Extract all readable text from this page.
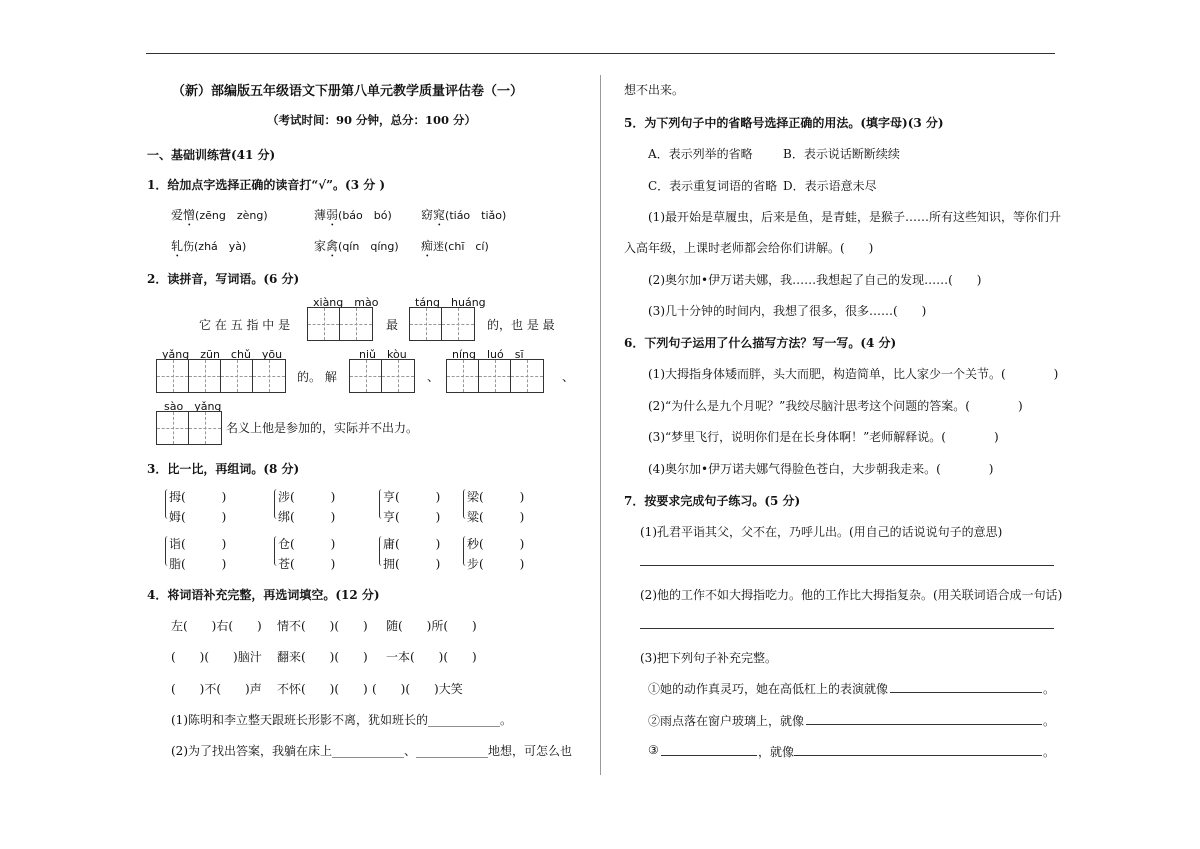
（新）部编版五年级语文下册第八单元教学质量评估卷（一）
（考试时间：90 分钟，总分：100 分）
一、基础训练营(41 分)
1．给加点字选择正确的读音打“√”。(3 分 )
爱憎(zēng　zèng)	薄弱(báo　bó) 窈窕(tiáo　tiǎo)
轧伤(zhá　yà)	家禽(qín　qíng) 痴迷(chī　cí)
2．读拼音，写词语。(6 分)
xiàng　mào	táng　huáng
它 在 五 指 中 是	最	的，也 是 最
yǎng　zūn　chǔ　yōu	niǔ　kòu	níng　luó　sī
的。 解	、	、
sào　yǎng
名义上他是参加的，实际并不出力。
3．比一比，再组词。(8 分)
拇(　　　)
姆(　　　)
涉(　　　)
绑(　　　)
亨(　　　)
亨(　　　)
梁(　　　)
粱(　　　)
诣(　　　)
脂(　　　)
仓(　　　)
苍(　　　)
庸(　　　)
拥(　　　)
秒(　　　)
步(　　　)
4．将词语补充完整，再选词填空。(12 分)
左(　　)右(　　) 情不(　　)(　　) 随(　　)所(　　)
(　　)(　　)脑汁 翻来(　　)(　　) 一本(　　)(　　)
(　　)不(　　)声 不怀(　　)(　　) (　　)(　　)大笑
(1)陈明和李立整天跟班长形影不离，犹如班长的____________。
(2)为了找出答案，我躺在床上____________、____________地想，可怎么也
想不出来。
5．为下列句子中的省略号选择正确的用法。(填字母)(3 分)
A．表示列举的省略	B．表示说话断断续续
C．表示重复词语的省略 D．表示语意未尽
(1)最开始是草履虫，后来是鱼，是青蛙，是猴子……所有这些知识，等你们升
入高年级，上课时老师都会给你们讲解。(　　)
(2)奥尔加•伊万诺夫娜，我……我想起了自己的发现……(　　)
(3)几十分钟的时间内，我想了很多，很多……(　　)
6．下列句子运用了什么描写方法？写一写。(4 分)
(1)大拇指身体矮而胖，头大而肥，构造简单，比人家少一个关节。(　　　　)
(2)“为什么是九个月呢？”我绞尽脑汁思考这个问题的答案。(　　　　)
(3)“梦里飞行，说明你们是在长身体啊！”老师解释说。(　　　　)
(4)奥尔加•伊万诺夫娜气得脸色苍白，大步朝我走来。(　　　　)
7．按要求完成句子练习。(5 分)
(1)孔君平诣其父，父不在，乃呼儿出。(用自己的话说说句子的意思)
(2)他的工作不如大拇指吃力。他的工作比大拇指复杂。(用关联词语合成一句话)
(3)把下列句子补充完整。
①她的动作真灵巧，她在高低杠上的表演就像	。
②雨点落在窗户玻璃上，就像	。
③	，就像	。
